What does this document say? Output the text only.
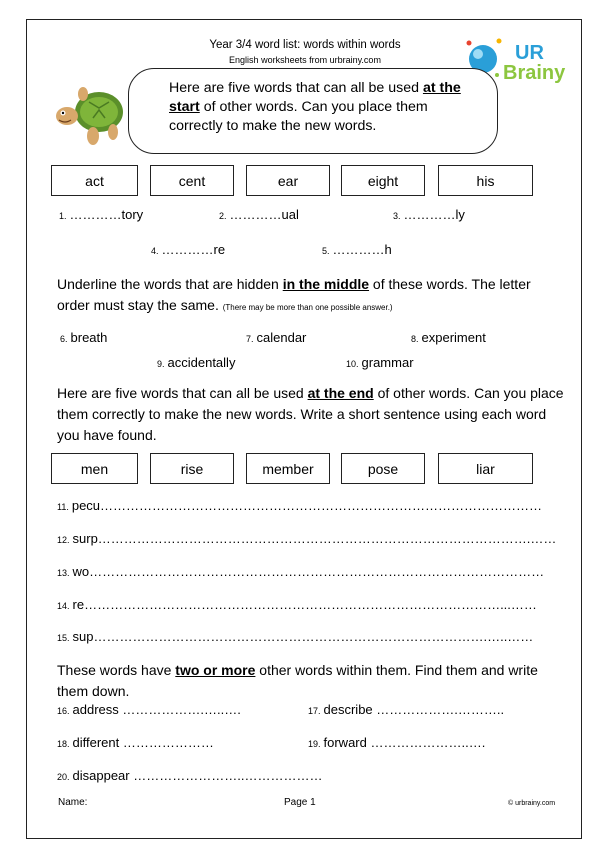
Year 3/4 word list: words within words
English worksheets from urbrainy.com	UR
Brainy
Here are five words that can all be used at the start of other words. Can you place them correctly to make the new words.
act	cent	ear	eight	his
1. …………tory	2. …………ual	3. …………ly
4. …………re	5. …………h
Underline the words that are hidden in the middle of these words. The letter order must stay the same. (There may be more than one possible answer.)
6. breath	7. calendar	8. experiment
9. accidentally	10. grammar
Here are five words that can all be used at the end of other words. Can you place them correctly to make the new words. Write a short sentence using each word you have found.
men	rise	member	pose	liar
11. pecu…………………………………………………………………………………………
12. surp……………………………………………………………………………………….……
13. wo……………………………………………………………………………………………
14. re……………………………………………………………………………………...……
15. sup……………………………………………………………………………….…..……
These words have two or more other words within them. Find them and write them down.
16. address ……………….…..….	17. describe ……………….………..
18. different …………………	19. forward …………………..….
20. disappear ……………………..………………
Name:	Page 1	© urbrainy.com
